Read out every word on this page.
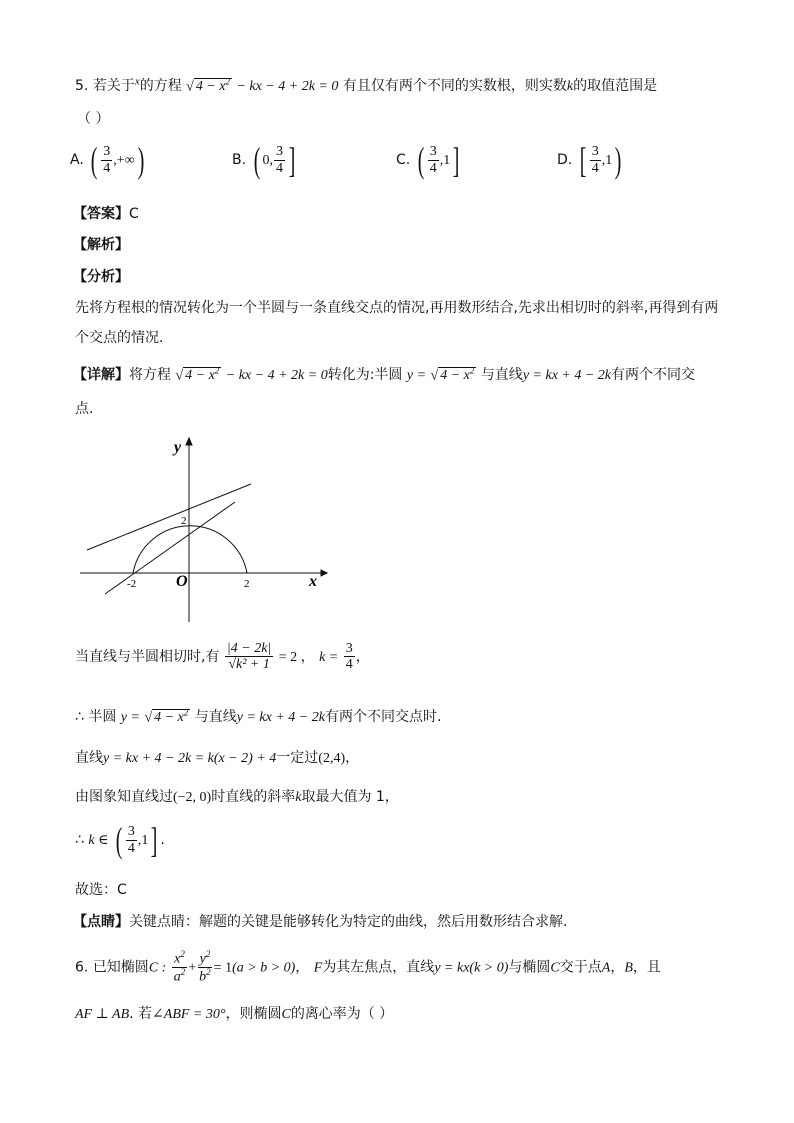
5. 若关于$^x$的方程 √ $4 - x^2$ − kx − 4 + 2k = 0 有且仅有两个不同的实数根，则实数k的取值范围是
（ ）
A. ( $\frac{3}{4}$ ,+∞)	B. ( 0, $\frac{3}{4}$ ]	C. ( $\frac{3}{4} ,1$]	D. [ $\frac{3}{4} ,1$)
【答案】C
【解析】
【分析】
先将方程根的情况转化为一个半圆与一条直线交点的情况,再用数形结合,先求出相切时的斜率,再得到有两
个交点的情况.
【详解】将方程 √ $4 - x^2$ − kx − 4 + 2k = 0转化为:半圆 y = √ $4 - x^2$ 与直线y = kx + 4 − 2k有两个不同交
点.
y
x
O
-2	2
2
当直线与半圆相切时,有 $\frac{|4 - 2k|}{\text{√k² + 1}} = 2$ ， $k = \frac{3}{4}$ ，
∴ 半圆 y = √ $4 - x^2$ 与直线y = kx + 4 − 2k有两个不同交点时.
直线y = kx + 4 − 2k = k(x − 2) + 4一定过(2,4)，
由图象知直线过(−2, 0)时直线的斜率k取最大值为 1，
∴ k ∈ ( $\frac{3}{4} ,1$] .
故选：C
【点睛】关键点睛：解题的关键是能够转化为特定的曲线，然后用数形结合求解.
6. 已知椭圆C : $\frac{x^2}{a^2} + \frac{y^2}{b^2} = 1(a > b > 0)$， F为其左焦点，直线y = kx(k > 0)与椭圆C交于点A，B，且
AF ⊥ AB. 若∠ABF = 30°，则椭圆C的离心率为（ ）
